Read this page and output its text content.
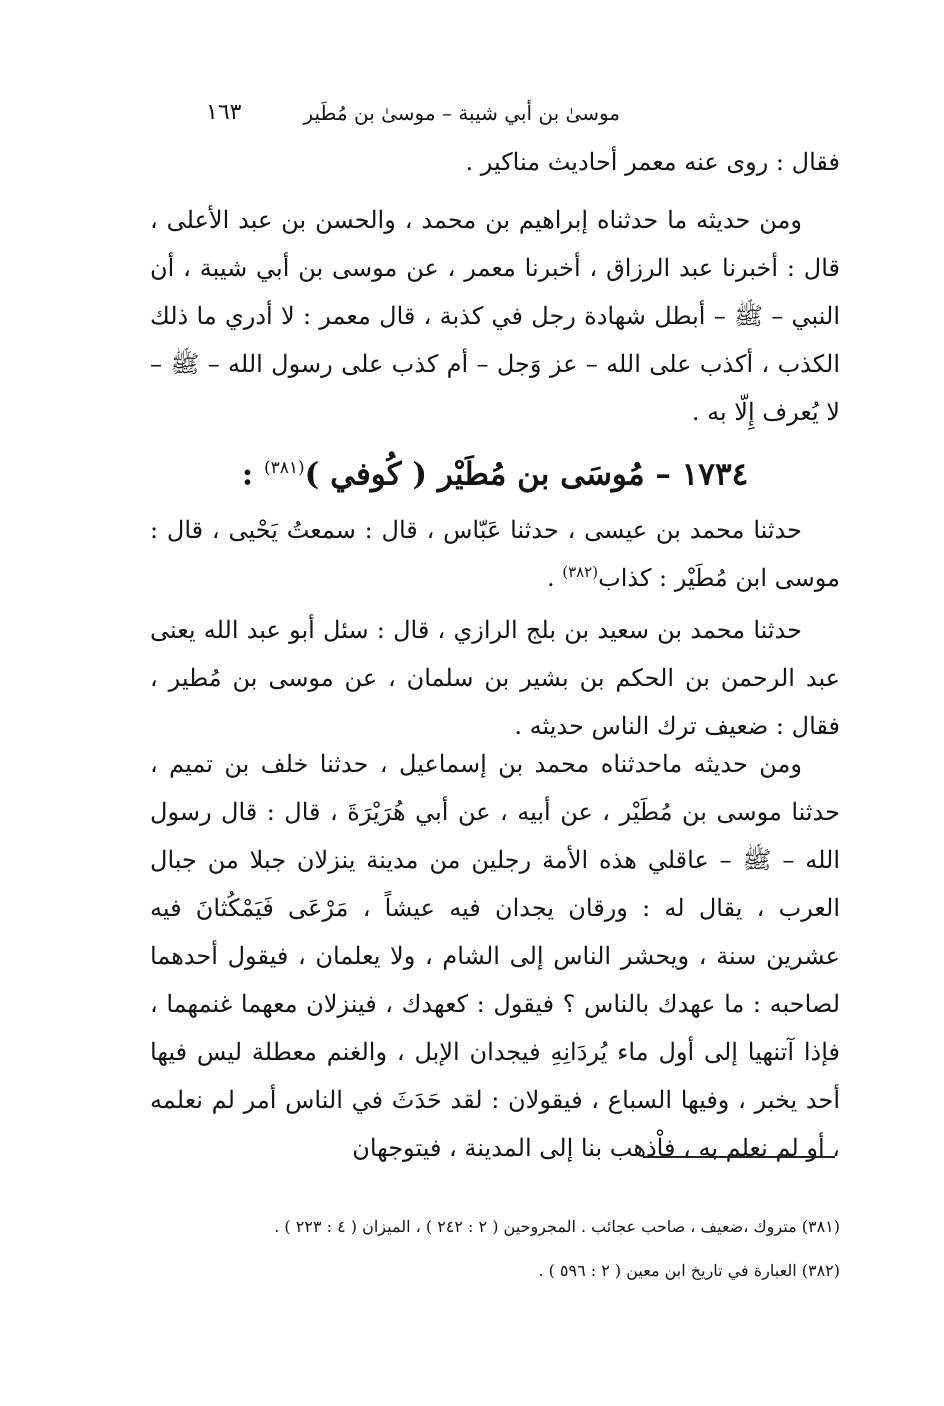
موسىٰ بن أبي شيبة – موسىٰ بن مُطَير
١٦٣

فقال : روى عنه معمر أحاديث مناكير .

ومن حديثه ما حدثناه إبراهيم بن محمد ، والحسن بن عبد الأعلى ، قال : أخبرنا عبد الرزاق ، أخبرنا معمر ، عن موسى بن أبي شيبة ، أن النبي – ﷺ – أبطل شهادة رجل في كذبة ، قال معمر : لا أدري ما ذلك الكذب ، أكذب على الله – عز وَجل – أم كذب على رسول الله – ﷺ – لا يُعرف إِلّا به .

١٧٣٤ – مُوسَى بن مُطَيْر ( كُوفي )$^{(٣٨١)}$ :

حدثنا محمد بن عيسى ، حدثنا عَبّاس ، قال : سمعتُ يَحْيى ، قال : موسى ابن مُطَيْر : كذاب$^{(٣٨٢)}$ .

حدثنا محمد بن سعيد بن بلج الرازي ، قال : سئل أبو عبد الله يعنى عبد الرحمن بن الحكم بن بشير بن سلمان ، عن موسى بن مُطير ، فقال : ضعيف ترك الناس حديثه .

ومن حديثه ماحدثناه محمد بن إسماعيل ، حدثنا خلف بن تميم ، حدثنا موسى بن مُطَيْر ، عن أبيه ، عن أبي هُرَيْرَةَ ، قال : قال رسول الله – ﷺ – عاقلي هذه الأمة رجلين من مدينة ينزلان جبلا من جبال العرب ، يقال له : ورقان يجدان فيه عيشاً ، مَرْعَى فَيَمْكُثانَ فيه عشرين سنة ، ويحشر الناس إلى الشام ، ولا يعلمان ، فيقول أحدهما لصاحبه : ما عهدك بالناس ؟ فيقول : كعهدك ، فينزلان معهما غنمهما ، فإذا آتنهيا إلى أول ماء يُردَانِهِ فيجدان الإبل ، والغنم معطلة ليس فيها أحد يخبر ، وفيها السباع ، فيقولان : لقد حَدَثَ في الناس أمر لم نعلمه ، أو لم نعلم به ، فاْذهب بنا إلى المدينة ، فيتوجهان

(٣٨١) متروك ،ضعيف ، صاحب عجائب . المجروحين ( ٢ : ٢٤٢ ) ، الميزان ( ٤ : ٢٢٣ ) .

(٣٨٢) العبارة في تاريخ ابن معين ( ٢ : ٥٩٦ ) .
